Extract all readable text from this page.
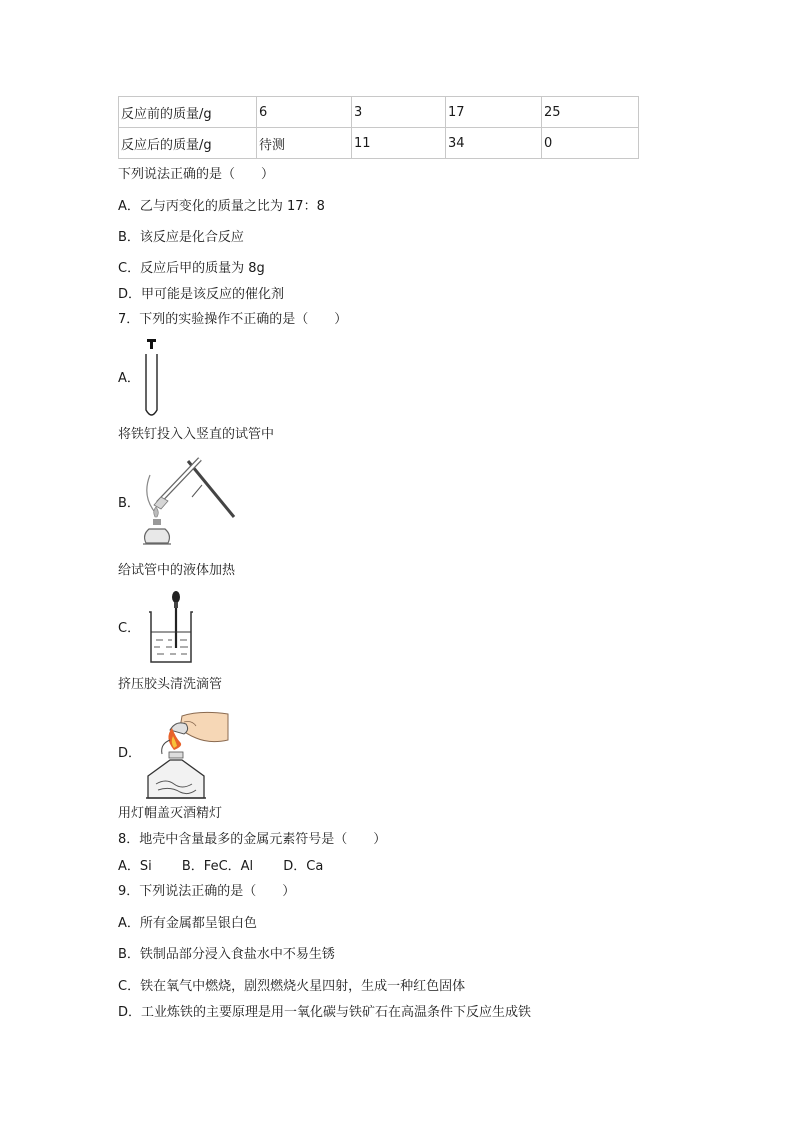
反应前的质量/g	6	3	17	25
反应后的质量/g	待测	11	34	0
下列说法正确的是（　　）
A．乙与丙变化的质量之比为 17：8
B．该反应是化合反应
C．反应后甲的质量为 8g
D．甲可能是该反应的催化剂
7．下列的实验操作不正确的是（　　）
A．
将铁钉投入入竖直的试管中
B．
给试管中的液体加热
C．
挤压胶头清洗滴管
D．
用灯帽盖灭酒精灯
8．地壳中含量最多的金属元素符号是（　　）
A．Si　　 B．FeC．Al　　 D．Ca
9．下列说法正确的是（　　）
A．所有金属都呈银白色
B．铁制品部分浸入食盐水中不易生锈
C．铁在氧气中燃烧，剧烈燃烧火星四射，生成一种红色固体
D．工业炼铁的主要原理是用一氧化碳与铁矿石在高温条件下反应生成铁
